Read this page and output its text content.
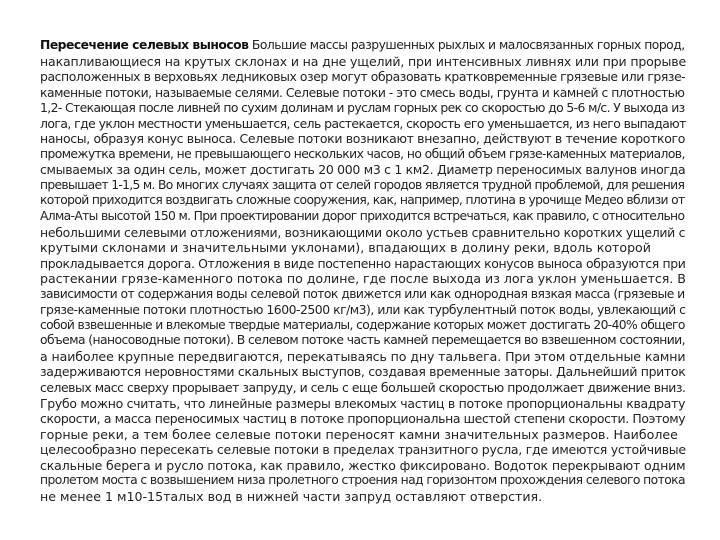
Пересечение селевых выносов Большие массы разрушенных рыхлых и малосвязанных горных пород,
накапливающиеся на крутых склонах и на дне ущелий, при интенсивных ливнях или при прорыве
расположенных в верховьях ледниковых озер могут образовать кратковременные грязевые или грязе-
каменные потоки, называемые селями. Селевые потоки - это смесь воды, грунта и камней с плотностью
1,2- Стекающая после ливней по сухим долинам и руслам горных рек со скоростью до 5-6 м/с. У выхода из
лога, где уклон местности уменьшается, сель растекается, скорость его уменьшается, из него выпадают
наносы, образуя конус выноса. Селевые потоки возникают внезапно, действуют в течение короткого
промежутка времени, не превышающего нескольких часов, но общий объем грязе-каменных материалов,
смываемых за один сель, может достигать 20 000 м3 с 1 км2. Диаметр переносимых валунов иногда
превышает 1-1,5 м. Во многих случаях защита от селей городов является трудной проблемой, для решения
которой приходится воздвигать сложные сооружения, как, например, плотина в урочище Медео вблизи от
Алма-Аты высотой 150 м. При проектировании дорог приходится встречаться, как правило, с относительно
небольшими селевыми отложениями, возникающими около устьев сравнительно коротких ущелий с
крутыми склонами и значительными уклонами), впадающих в долину реки, вдоль которой
прокладывается дорога. Отложения в виде постепенно нарастающих конусов выноса образуются при
растекании грязе-каменного потока по долине, где после выхода из лога уклон уменьшается. В
зависимости от содержания воды селевой поток движется или как однородная вязкая масса (грязевые и
грязе-каменные потоки плотностью 1600-2500 кг/м3), или как турбулентный поток воды, увлекающий с
собой взвешенные и влекомые твердые материалы, содержание которых может достигать 20-40% общего
объема (наносоводные потоки). В селевом потоке часть камней перемещается во взвешенном состоянии,
а наиболее крупные передвигаются, перекатываясь по дну тальвега. При этом отдельные камни
задерживаются неровностями скальных выступов, создавая временные заторы. Дальнейший приток
селевых масс сверху прорывает запруду, и сель с еще большей скоростью продолжает движение вниз.
Грубо можно считать, что линейные размеры влекомых частиц в потоке пропорциональны квадрату
скорости, а масса переносимых частиц в потоке пропорциональна шестой степени скорости. Поэтому
горные реки, а тем более селевые потоки переносят камни значительных размеров. Наиболее
целесообразно пересекать селевые потоки в пределах транзитного русла, где имеются устойчивые
скальные берега и русло потока, как правило, жестко фиксировано. Водоток перекрывают одним
пролетом моста с возвышением низа пролетного строения над горизонтом прохождения селевого потока
не менее 1 м10-15талых вод в нижней части запруд оставляют отверстия.
